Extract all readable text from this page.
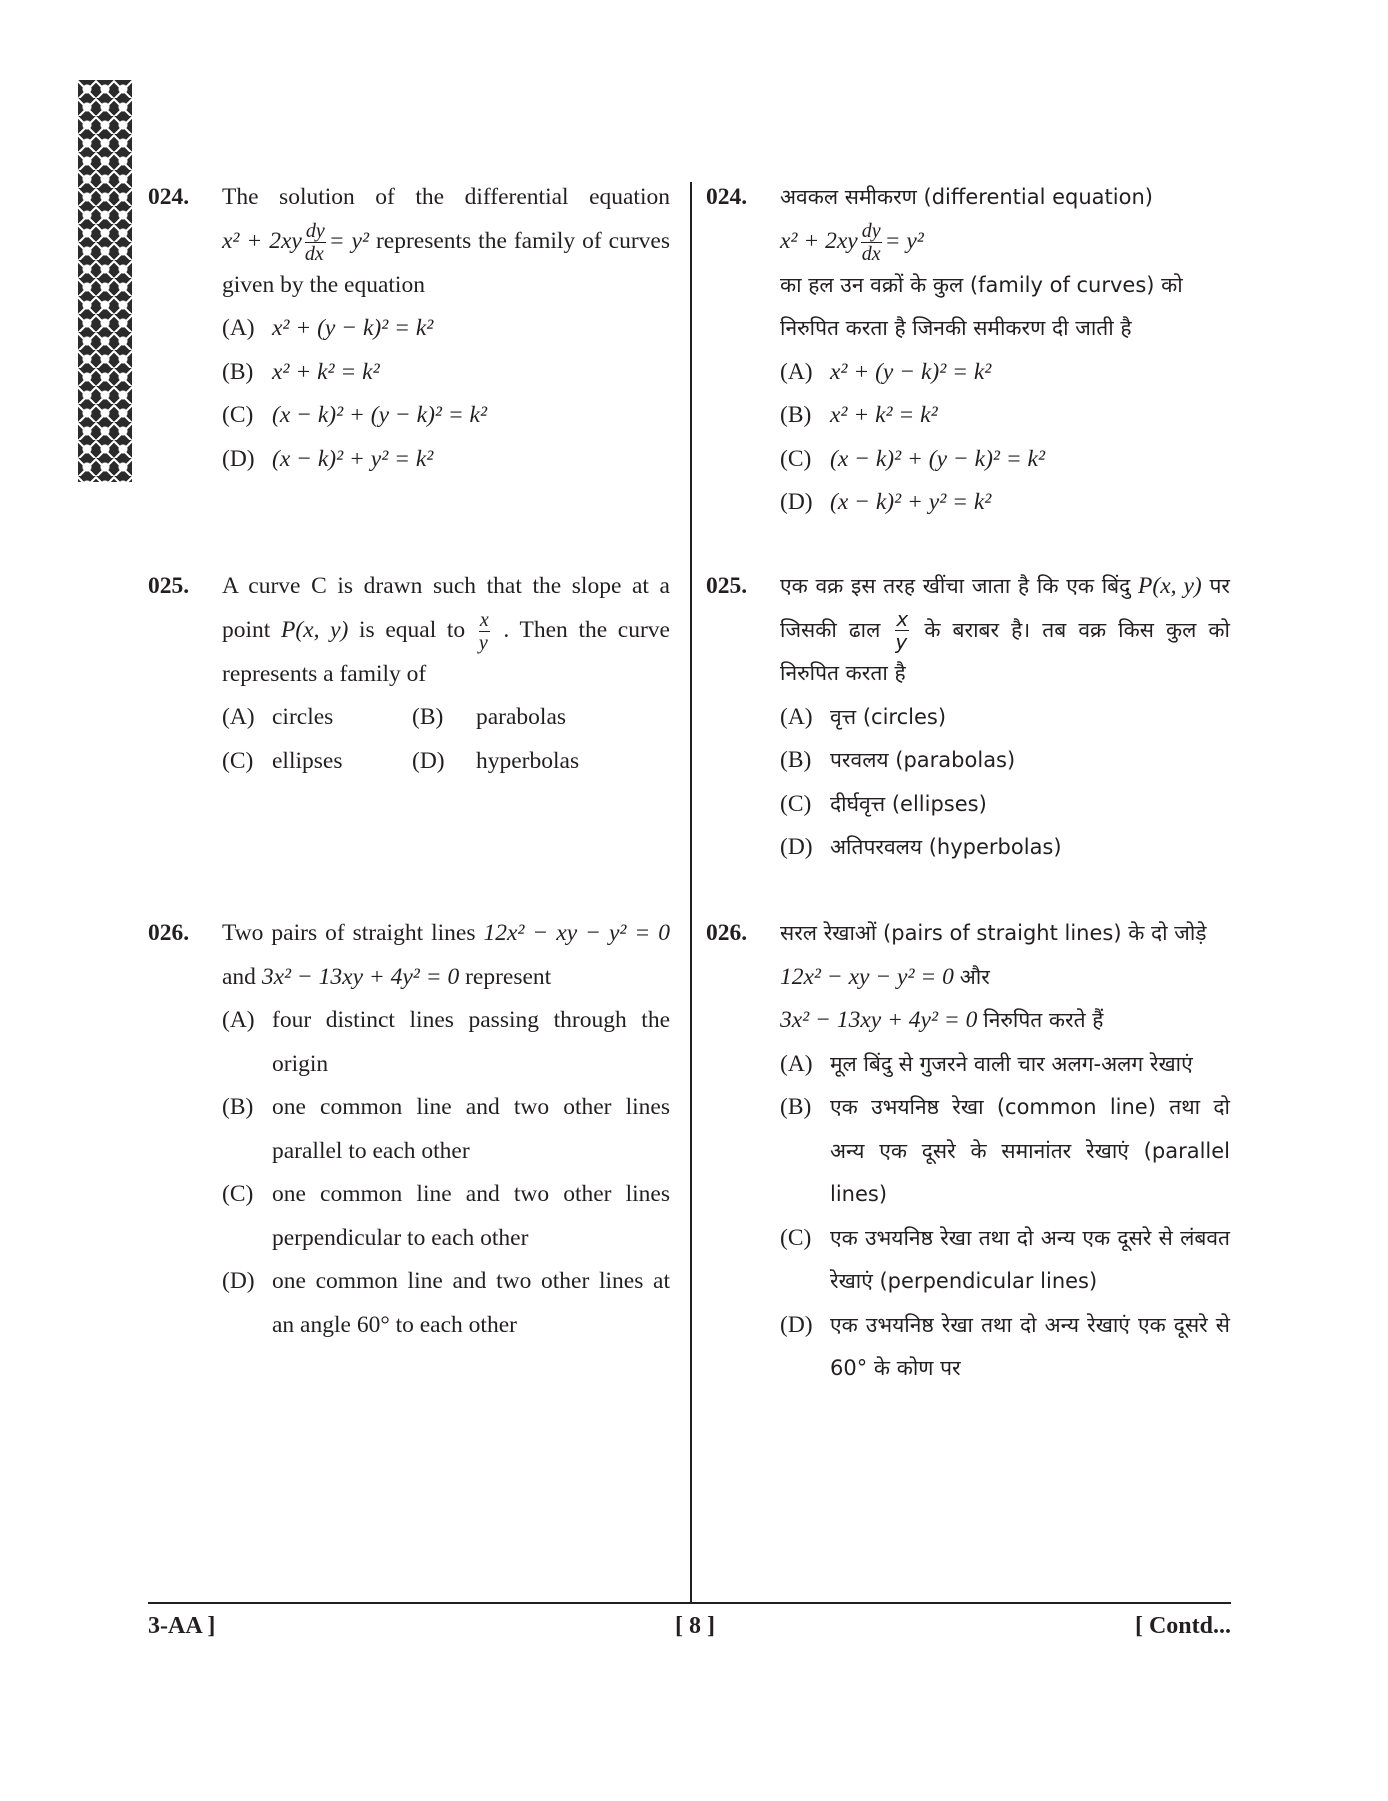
024. The solution of the differential equation $x^2 + 2xy \frac{dy}{dx} = y^2$ represents the family of curves given by the equation
(A) x² + (y − k)² = k²
(B) x² + k² = k²
(C) (x − k)² + (y − k)² = k²
(D) (x − k)² + y² = k²
025. A curve C is drawn such that the slope at a point P(x, y) is equal to $\frac{x}{y}$ . Then the curve represents a family of
(A) circles	(B)	parabolas
(C) ellipses	(D)	hyperbolas
026. Two pairs of straight lines 12x² − xy − y² = 0 and 3x² − 13xy + 4y² = 0 represent
(A) four distinct lines passing through the origin
(B) one common line and two other lines parallel to each other
(C) one common line and two other lines perpendicular to each other
(D) one common line and two other lines at an angle 60° to each other
024. अवकल समीकरण (differential equation)
$x^2 + 2xy \frac{dy}{dx} = y^2$
का हल उन वक्रों के कुल (family of curves) को
निरुपित करता है जिनकी समीकरण दी जाती है
(A) x² + (y − k)² = k²
(B) x² + k² = k²
(C) (x − k)² + (y − k)² = k²
(D) (x − k)² + y² = k²
025. एक वक्र इस तरह खींचा जाता है कि एक बिंदु P(x, y) पर जिसकी ढाल $\frac{x}{y}$ के बराबर है। तब वक्र किस कुल को निरुपित करता है
(A) वृत्त (circles)
(B) परवलय (parabolas)
(C) दीर्घवृत्त (ellipses)
(D) अतिपरवलय (hyperbolas)
026. सरल रेखाओं (pairs of straight lines) के दो जोड़े
12x² − xy − y² = 0 और
3x² − 13xy + 4y² = 0 निरुपित करते हैं
(A) मूल बिंदु से गुजरने वाली चार अलग-अलग रेखाएं
(B) एक उभयनिष्ठ रेखा (common line) तथा दो अन्य एक दूसरे के समानांतर रेखाएं (parallel lines)
(C) एक उभयनिष्ठ रेखा तथा दो अन्य एक दूसरे से लंबवत रेखाएं (perpendicular lines)
(D) एक उभयनिष्ठ रेखा तथा दो अन्य रेखाएं एक दूसरे से 60° के कोण पर
3-AA ]	[ 8 ]	[ Contd...
